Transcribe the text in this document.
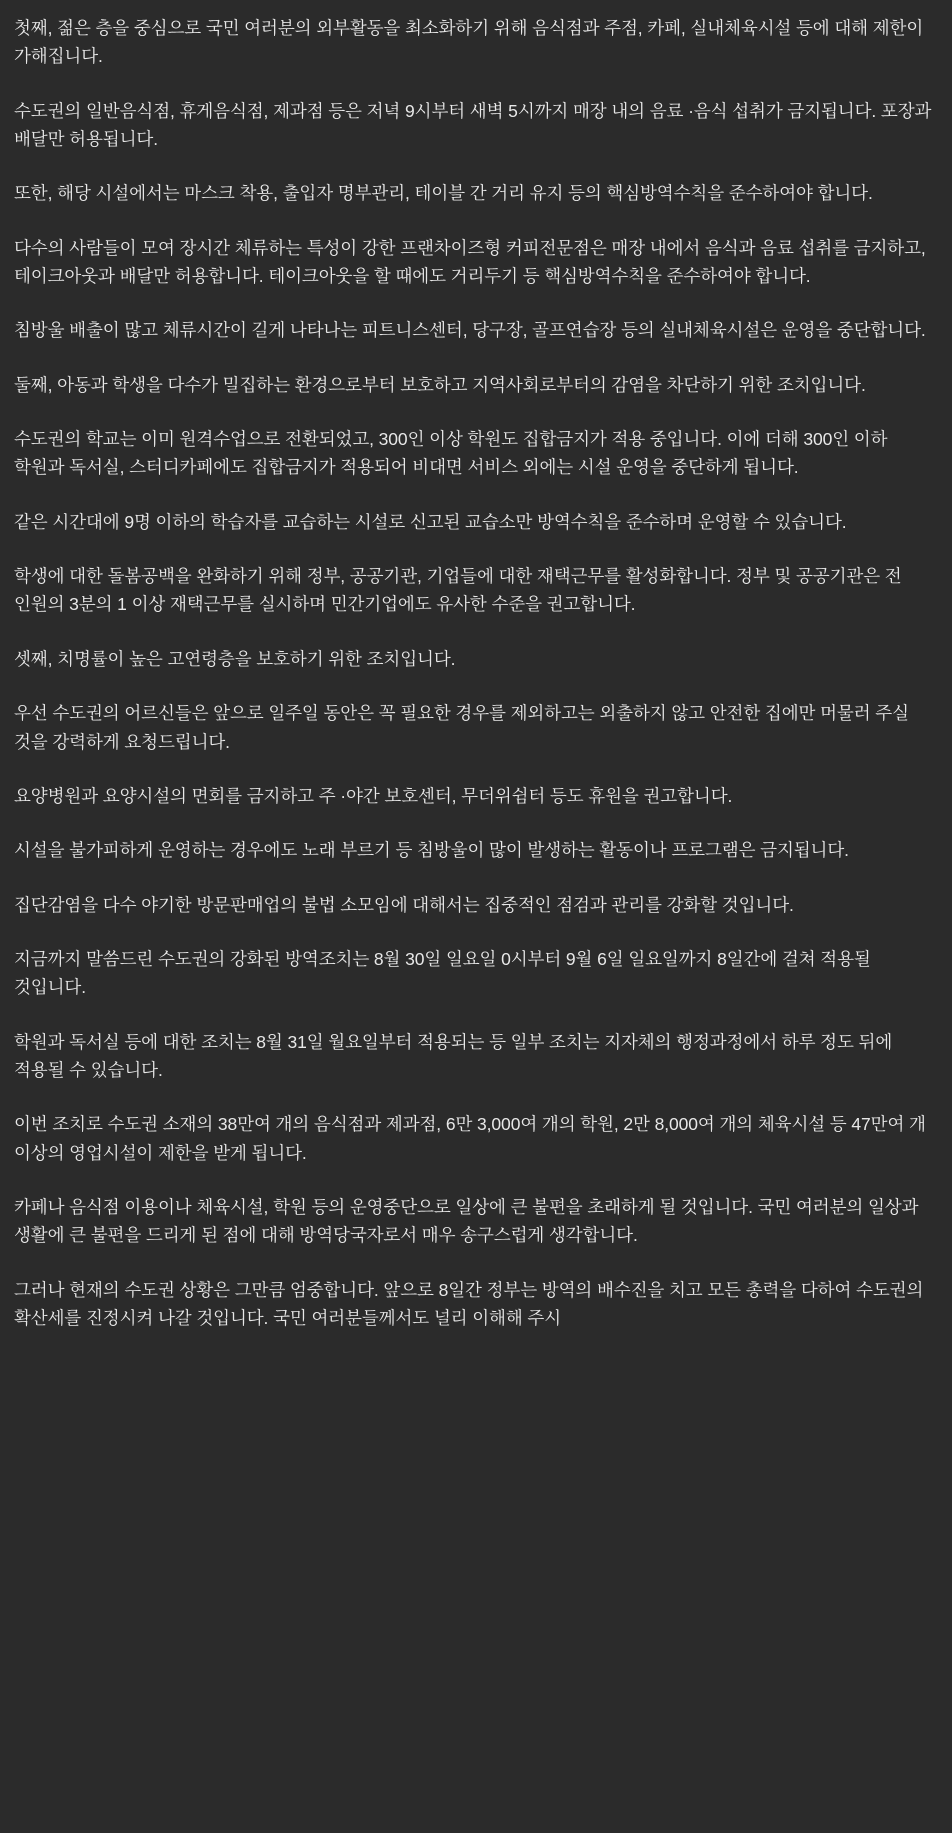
첫째, 젊은 층을 중심으로 국민 여러분의 외부활동을 최소화하기 위해 음식점과 주점, 카페, 실내체육시설 등에 대해 제한이 가해집니다.

수도권의 일반음식점, 휴게음식점, 제과점 등은 저녁 9시부터 새벽 5시까지 매장 내의 음료 ·음식 섭취가 금지됩니다. 포장과 배달만 허용됩니다.

또한, 해당 시설에서는 마스크 착용, 출입자 명부관리, 테이블 간 거리 유지 등의 핵심방역수칙을 준수하여야 합니다.

다수의 사람들이 모여 장시간 체류하는 특성이 강한 프랜차이즈형 커피전문점은 매장 내에서 음식과 음료 섭취를 금지하고, 테이크아웃과 배달만 허용합니다. 테이크아웃을 할 때에도 거리두기 등 핵심방역수칙을 준수하여야 합니다.

침방울 배출이 많고 체류시간이 길게 나타나는 피트니스센터, 당구장, 골프연습장 등의 실내체육시설은 운영을 중단합니다.

둘째, 아동과 학생을 다수가 밀집하는 환경으로부터 보호하고 지역사회로부터의 감염을 차단하기 위한 조치입니다.

수도권의 학교는 이미 원격수업으로 전환되었고, 300인 이상 학원도 집합금지가 적용 중입니다. 이에 더해 300인 이하 학원과 독서실, 스터디카페에도 집합금지가 적용되어 비대면 서비스 외에는 시설 운영을 중단하게 됩니다.

같은 시간대에 9명 이하의 학습자를 교습하는 시설로 신고된 교습소만 방역수칙을 준수하며 운영할 수 있습니다.

학생에 대한 돌봄공백을 완화하기 위해 정부, 공공기관, 기업들에 대한 재택근무를 활성화합니다. 정부 및 공공기관은 전 인원의 3분의 1 이상 재택근무를 실시하며 민간기업에도 유사한 수준을 권고합니다.

셋째, 치명률이 높은 고연령층을 보호하기 위한 조치입니다.

우선 수도권의 어르신들은 앞으로 일주일 동안은 꼭 필요한 경우를 제외하고는 외출하지 않고 안전한 집에만 머물러 주실 것을 강력하게 요청드립니다.

요양병원과 요양시설의 면회를 금지하고 주 ·야간 보호센터, 무더위쉼터 등도 휴원을 권고합니다.

시설을 불가피하게 운영하는 경우에도 노래 부르기 등 침방울이 많이 발생하는 활동이나 프로그램은 금지됩니다.

집단감염을 다수 야기한 방문판매업의 불법 소모임에 대해서는 집중적인 점검과 관리를 강화할 것입니다.

지금까지 말씀드린 수도권의 강화된 방역조치는 8월 30일 일요일 0시부터 9월 6일 일요일까지 8일간에 걸쳐 적용될 것입니다.

학원과 독서실 등에 대한 조치는 8월 31일 월요일부터 적용되는 등 일부 조치는 지자체의 행정과정에서 하루 정도 뒤에 적용될 수 있습니다.

이번 조치로 수도권 소재의 38만여 개의 음식점과 제과점, 6만 3,000여 개의 학원, 2만 8,000여 개의 체육시설 등 47만여 개 이상의 영업시설이 제한을 받게 됩니다.

카페나 음식점 이용이나 체육시설, 학원 등의 운영중단으로 일상에 큰 불편을 초래하게 될 것입니다. 국민 여러분의 일상과 생활에 큰 불편을 드리게 된 점에 대해 방역당국자로서 매우 송구스럽게 생각합니다.

그러나 현재의 수도권 상황은 그만큼 엄중합니다. 앞으로 8일간 정부는 방역의 배수진을 치고 모든 총력을 다하여 수도권의 확산세를 진정시켜 나갈 것입니다. 국민 여러분들께서도 널리 이해해 주시
